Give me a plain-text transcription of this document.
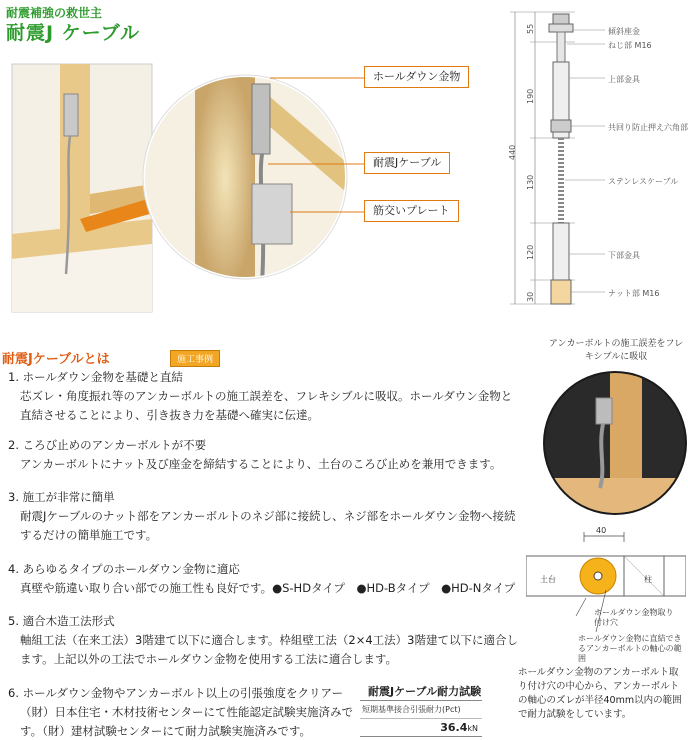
耐震補強の救世主
耐震J ケーブル
ホールダウン金物
耐震Jケーブル
筋交いプレート
傾斜座金
ねじ部 M16
上部金具
共回り防止押え六角部
ステンレスケーブル
下部金具
ナット部 M16
55
190
440
130
120
30
耐震Jケーブルとは	施工事例
1. ホールダウン金物を基礎と直結
芯ズレ・角度振れ等のアンカーボルトの施工誤差を、フレキシブルに吸収。ホールダウン金物と直結させることにより、引き抜き力を基礎へ確実に伝達。
2. ころび止めのアンカーボルトが不要
アンカーボルトにナット及び座金を締結することにより、土台のころび止めを兼用できます。
3. 施工が非常に簡単
耐震Jケーブルのナット部をアンカーボルトのネジ部に接続し、ネジ部をホールダウン金物へ接続するだけの簡単施工です。
4. あらゆるタイプのホールダウン金物に適応
真壁や筋違い取り合い部での施工性も良好です。●S-HDタイプ　●HD-Bタイプ　●HD-Nタイプ
5. 適合木造工法形式
軸組工法（在来工法）3階建て以下に適合します。枠組壁工法（2×4工法）3階建て以下に適合します。上記以外の工法でホールダウン金物を使用する工法に適合します。
6. ホールダウン金物やアンカーボルト以上の引張強度をクリアー
（財）日本住宅・木材技術センターにて性能認定試験実施済みです。（財）建材試験センターにて耐力試験実施済みです。
耐震Jケーブル耐力試験
短期基準接合引張耐力(Pct)
36.4kN
アンカーボルトの施工誤差をフレキシブルに吸収
40
土台	柱
ホールダウン金物取り付け穴
ホールダウン金物に直結できるアンカーボルトの軸心の範囲
ホールダウン金物のアンカーボルト取り付け穴の中心から、アンカーボルトの軸心のズレが半径40mm以内の範囲で耐力試験をしています。
